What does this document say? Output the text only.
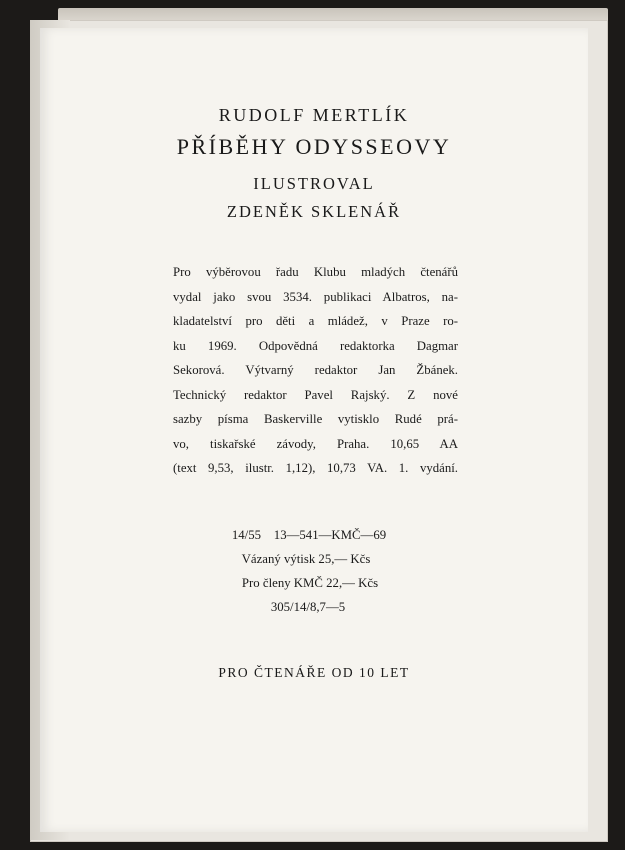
RUDOLF MERTLÍK
PŘÍBĚHY ODYSSEOVY
ILUSTROVAL
ZDENĚK SKLENÁŘ
Pro výběrovou řadu Klubu mladých čtenářů
vydal jako svou 3534. publikaci Albatros, na-
kladatelství pro děti a mládež, v Praze ro-
ku 1969. Odpovědná redaktorka Dagmar
Sekorová. Výtvarný redaktor Jan Žbánek.
Technický redaktor Pavel Rajský. Z nové
sazby písma Baskerville vytisklo Rudé prá-
vo, tiskařské závody, Praha. 10,65 AA
(text 9,53, ilustr. 1,12), 10,73 VA. 1. vydání.
14/55    13—541—KMČ—69
Vázaný výtisk 25,— Kčs
Pro členy KMČ 22,— Kčs
305/14/8,7—5
PRO ČTENÁŘE OD 10 LET
